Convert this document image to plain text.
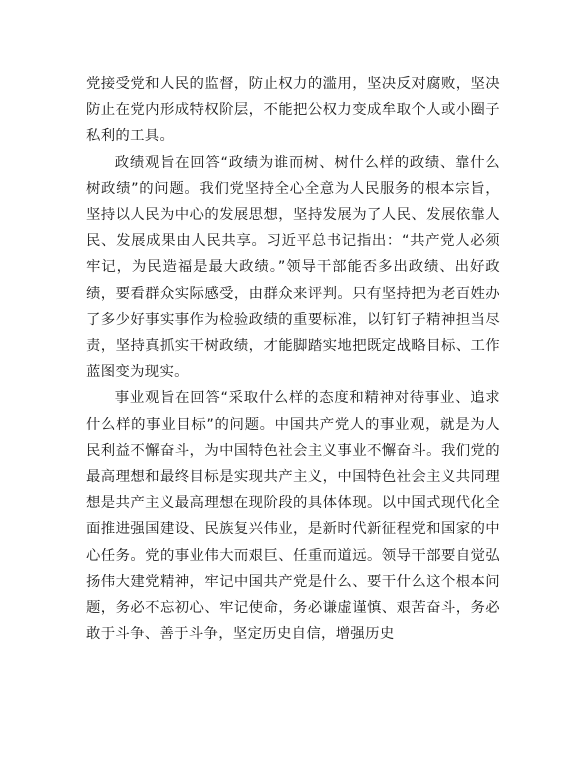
党接受党和人民的监督，防止权力的滥用，坚决反对腐败，坚决防止在党内形成特权阶层，不能把公权力变成牟取个人或小圈子私利的工具。

政绩观旨在回答“政绩为谁而树、树什么样的政绩、靠什么树政绩”的问题。我们党坚持全心全意为人民服务的根本宗旨，坚持以人民为中心的发展思想，坚持发展为了人民、发展依靠人民、发展成果由人民共享。习近平总书记指出：“共产党人必须牢记，为民造福是最大政绩。”领导干部能否多出政绩、出好政绩，要看群众实际感受，由群众来评判。只有坚持把为老百姓办了多少好事实事作为检验政绩的重要标准，以钉钉子精神担当尽责，坚持真抓实干树政绩，才能脚踏实地把既定战略目标、工作蓝图变为现实。

事业观旨在回答“采取什么样的态度和精神对待事业、追求什么样的事业目标”的问题。中国共产党人的事业观，就是为人民利益不懈奋斗，为中国特色社会主义事业不懈奋斗。我们党的最高理想和最终目标是实现共产主义，中国特色社会主义共同理想是共产主义最高理想在现阶段的具体体现。以中国式现代化全面推进强国建设、民族复兴伟业，是新时代新征程党和国家的中心任务。党的事业伟大而艰巨、任重而道远。领导干部要自觉弘扬伟大建党精神，牢记中国共产党是什么、要干什么这个根本问题，务必不忘初心、牢记使命，务必谦虚谨慎、艰苦奋斗，务必敢于斗争、善于斗争，坚定历史自信，增强历史
